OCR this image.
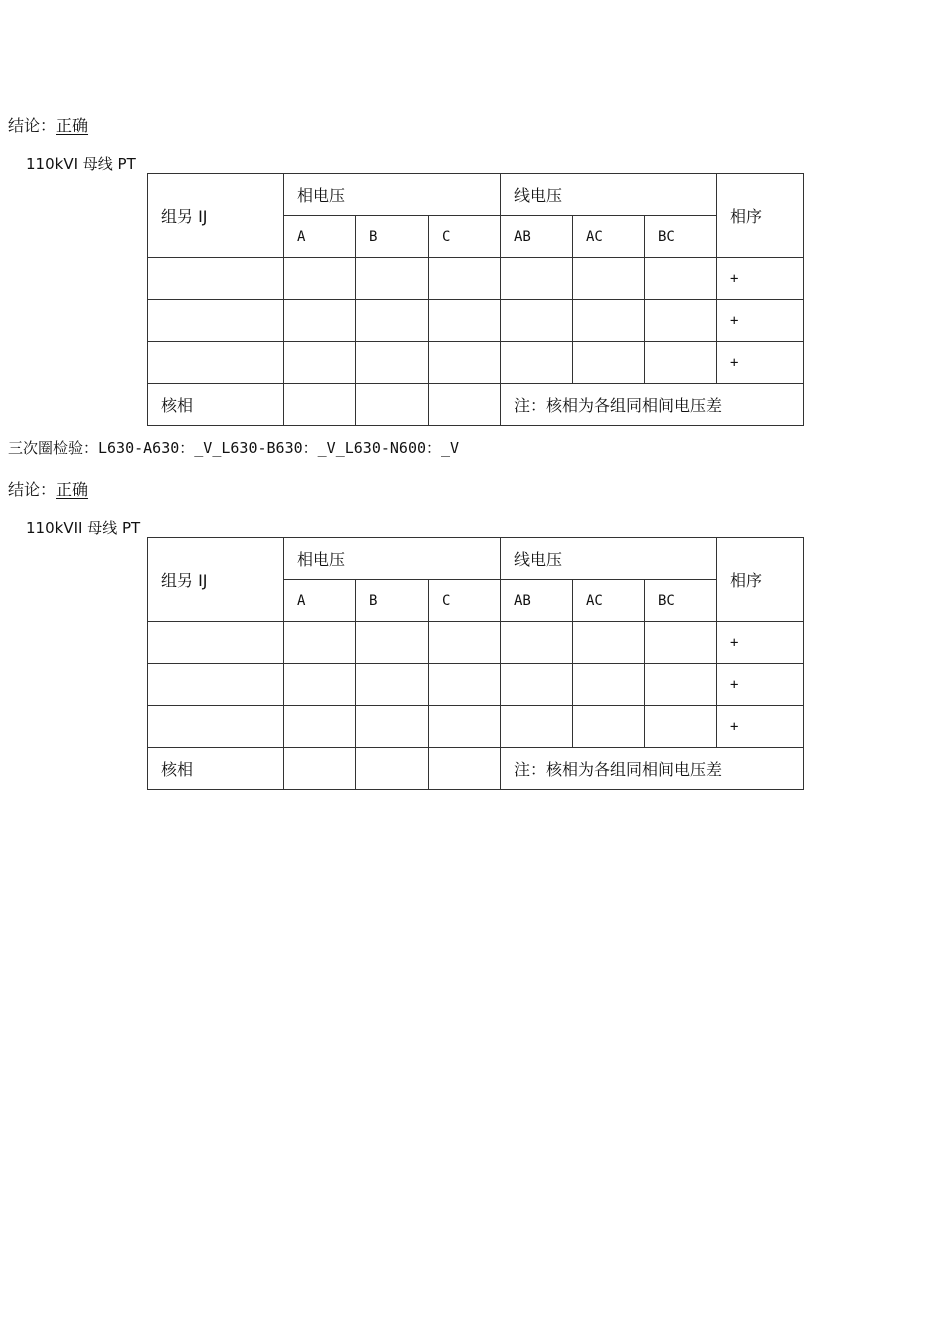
结论：正确
110kVI 母线 PT
组另 IJ	相电压			线电压			相序
	A	B	C	AB	AC	BC	
							+
							+
							+
核相				注：核相为各组同相间电压差			
三次圈检验：L630-A630：_V_L630-B630：_V_L630-N600：_V
结论：正确
110kVII 母线 PT
组另 IJ	相电压			线电压			相序
	A	B	C	AB	AC	BC	
							+
							+
							+
核相				注：核相为各组同相间电压差			
